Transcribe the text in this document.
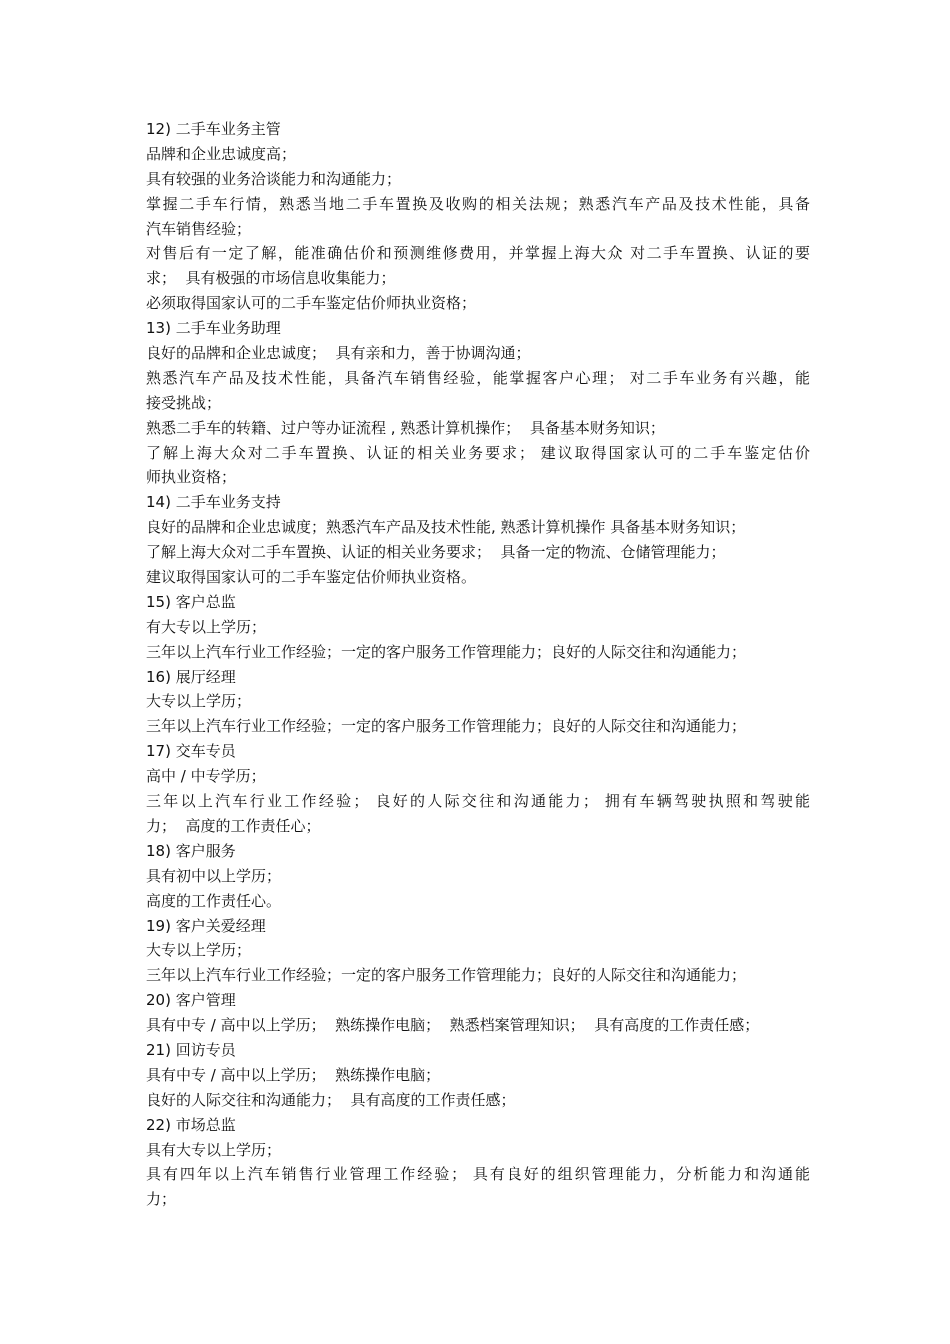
12) 二手车业务主管
品牌和企业忠诚度高；
具有较强的业务洽谈能力和沟通能力；
掌握二手车行情，熟悉当地二手车置换及收购的相关法规；熟悉汽车产品及技术性能，具备
汽车销售经验；
对售后有一定了解，能准确估价和预测维修费用，并掌握上海大众 对二手车置换、认证的要
求；  具有极强的市场信息收集能力；
必须取得国家认可的二手车鉴定估价师执业资格；
13) 二手车业务助理
良好的品牌和企业忠诚度；  具有亲和力，善于协调沟通；
熟悉汽车产品及技术性能，具备汽车销售经验，能掌握客户心理； 对二手车业务有兴趣，能
接受挑战；
熟悉二手车的转籍、过户等办证流程 , 熟悉计算机操作；  具备基本财务知识；
了解上海大众对二手车置换、认证的相关业务要求； 建议取得国家认可的二手车鉴定估价
师执业资格；
14) 二手车业务支持
良好的品牌和企业忠诚度；熟悉汽车产品及技术性能, 熟悉计算机操作 具备基本财务知识；
了解上海大众对二手车置换、认证的相关业务要求；  具备一定的物流、仓储管理能力；
建议取得国家认可的二手车鉴定估价师执业资格。
15) 客户总监
有大专以上学历；
三年以上汽车行业工作经验；一定的客户服务工作管理能力；良好的人际交往和沟通能力；
16) 展厅经理
大专以上学历；
三年以上汽车行业工作经验；一定的客户服务工作管理能力；良好的人际交往和沟通能力；
17) 交车专员
高中 / 中专学历；
三年以上汽车行业工作经验； 良好的人际交往和沟通能力； 拥有车辆驾驶执照和驾驶能
力；  高度的工作责任心；
18) 客户服务
具有初中以上学历；
高度的工作责任心。
19) 客户关爱经理
大专以上学历；
三年以上汽车行业工作经验；一定的客户服务工作管理能力；良好的人际交往和沟通能力；
20) 客户管理
具有中专 / 高中以上学历；  熟练操作电脑；  熟悉档案管理知识；  具有高度的工作责任感；
21) 回访专员
具有中专 / 高中以上学历；  熟练操作电脑；
良好的人际交往和沟通能力；  具有高度的工作责任感；
22) 市场总监
具有大专以上学历；
具有四年以上汽车销售行业管理工作经验； 具有良好的组织管理能力，分析能力和沟通能
力；
